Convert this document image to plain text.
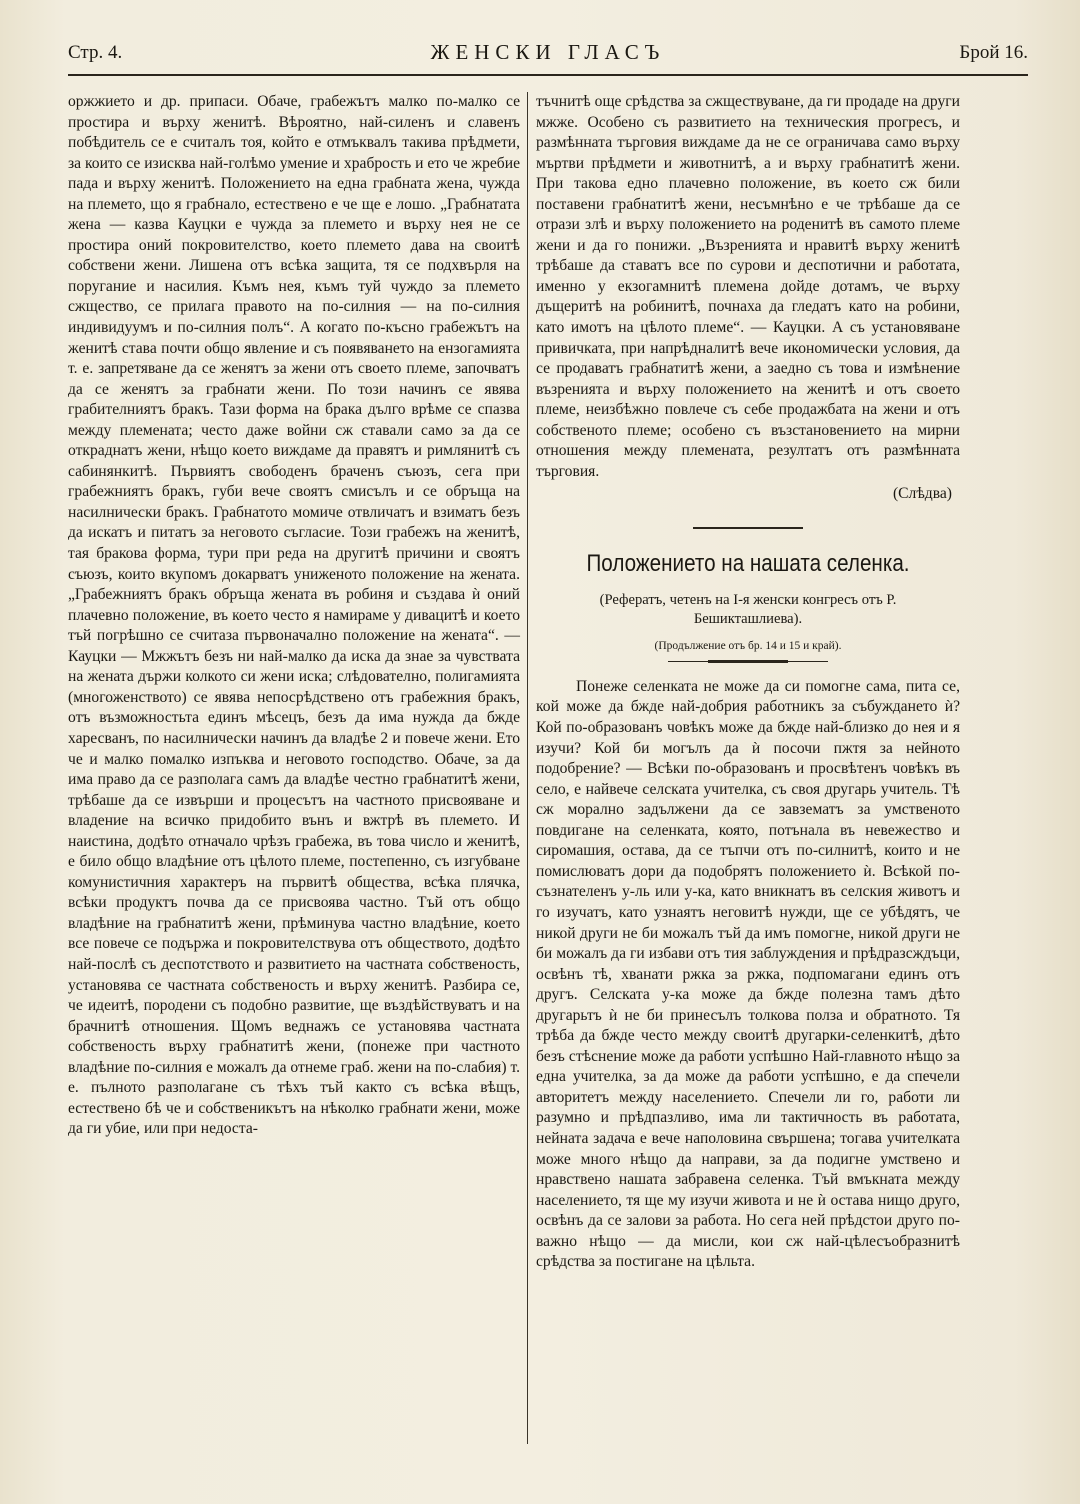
Стр. 4.	ЖЕНСКИ ГЛАСЪ	Брой 16.

оржжието и др. припаси. Обаче, грабежътъ малко по-малко се простира и върху женитѣ. Вѣроятно, най-силенъ и славенъ побѣдитель се е считалъ тоя, който е отмъквалъ такива прѣдмети, за които се изисква най-голѣмо умение и храбрость и ето че жребие пада и върху женитѣ. Положението на една грабната жена, чужда на племето, що я грабнало, естествено е че ще е лошо. „Грабнатата жена — казва Кауцки е чужда за племето и върху нея не се простира оний покровителство, което племето дава на своитѣ собствени жени. Лишена отъ всѣка защита, тя се подхвърля на поругание и насилия. Къмъ нея, къмъ туй чуждо за племето сжщество, се прилага правото на по-силния — на по-силния индивидуумъ и по-силния полъ“. А когато по-късно грабежътъ на женитѣ става почти общо явление и съ появяването на ензогамията т. е. запретяване да се женятъ за жени отъ своето племе, започватъ да се женятъ за грабнати жени. По този начинъ се явява грабителниятъ бракъ. Тази форма на брака дълго врѣме се спазва между племената; често даже войни сж ставали само за да се откраднатъ жени, нѣщо което виждаме да правятъ и римлянитѣ съ сабинянкитѣ. Първиятъ свободенъ браченъ съюзъ, сега при грабежниятъ бракъ, губи вече своятъ смисълъ и се обръща на насилнически бракъ. Грабнатото момиче отвличатъ и взиматъ безъ да искатъ и питатъ за неговото съгласие. Този грабежъ на женитѣ, тая бракова форма, тури при реда на другитѣ причини и своятъ съюзъ, които вкупомъ докарватъ униженото положение на жената. „Грабежниятъ бракъ обръща жената въ робиня и създава ѝ оний плачевно положение, въ което често я намираме у дивацитѣ и което тъй погрѣшно се считаза първоначално положение на жената“. — Кауцки — Мжжътъ безъ ни най-малко да иска да знае за чувствата на жената държи колкото си жени иска; слѣдователно, полигамията (многоженството) се явява непосрѣдствено отъ грабежния бракъ, отъ възможностьта единъ мѣсецъ, безъ да има нужда да бжде харесванъ, по насилнически начинъ да владѣе 2 и повече жени. Ето че и малко помалко изпъква и неговото господство. Обаче, за да има право да се разполага самъ да владѣе честно грабнатитѣ жени, трѣбаше да се извърши и процесътъ на частното присвояване и владение на всичко придобито вънъ и вжтрѣ въ племето. И наистина, додѣто отначало чрѣзъ грабежа, въ това число и женитѣ, е било общо владѣние отъ цѣлото племе, постепенно, съ изгубване комунистичния характеръ на първитѣ общества, всѣка плячка, всѣки продуктъ почва да се присвоява частно. Тъй отъ общо владѣние на грабнатитѣ жени, прѣминува частно владѣние, което все повече се подържа и покровителствува отъ обществото, додѣто най-послѣ съ деспотството и развитието на частната собственость, установява се частната собственость и върху женитѣ. Разбира се, че идеитѣ, породени съ подобно развитие, ще въздѣйствуватъ и на брачнитѣ отношения. Щомъ веднажъ се установява частната собственость върху грабнатитѣ жени, (понеже при частното владѣние по-силния е можалъ да отнеме граб. жени на по-слабия) т. е. пълното разполагане съ тѣхъ тъй както съ всѣка вѣщъ, естествено бѣ че и собственикътъ на нѣколко грабнати жени, може да ги убие, или при недоста-

тъчнитѣ още срѣдства за сжществуване, да ги продаде на други мжже. Особено съ развитието на техническия прогресъ, и размѣнната търговия виждаме да не се ограничава само върху мъртви прѣдмети и животнитѣ, а и върху грабнатитѣ жени. При такова едно плачевно положение, въ което сж били поставени грабнатитѣ жени, несъмнѣно е че трѣбаше да се отрази злѣ и върху положението на роденитѣ въ самото племе жени и да го понижи. „Възренията и нравитѣ върху женитѣ трѣбаше да ставатъ все по сурови и деспотични и работата, именно у екзогамнитѣ племена дойде дотамъ, че върху дъщеритѣ на робинитѣ, почнаха да гледатъ като на робини, като имотъ на цѣлото племе“. — Кауцки. А съ установяване привичката, при напрѣдналитѣ вече икономически условия, да се продаватъ грабнатитѣ жени, а заедно съ това и измѣнение възренията и върху положението на женитѣ и отъ своето племе, неизбѣжно повлече съ себе продажбата на жени и отъ собственото племе; особено съ възстановението на мирни отношения между племената, резултатъ отъ размѣнната търговия.

(Слѣдва)

Положението на нашата селенка.

(Рефератъ, четенъ на I-я женски конгресъ отъ Р. Бешикташлиева).

(Продължение отъ бр. 14 и 15 и край).

Понеже селенката не може да си помогне сама, пита се, кой може да бжде най-добрия работникъ за събуждането ѝ? Кой по-образованъ човѣкъ може да бжде най-близко до нея и я изучи? Кой би могълъ да ѝ посочи пжтя за нейното подобрение? — Всѣки по-образованъ и просвѣтенъ човѣкъ въ село, е найвече селската учителка, съ своя другарь учитель. Тѣ сж морално задължени да се завзематъ за умственото повдигане на селенката, която, потънала въ невежество и сиромашия, остава, да се тъпчи отъ по-силнитѣ, които и не помислюватъ дори да подобрятъ положението ѝ. Всѣкой по-съзнателенъ у-ль или у-ка, като вникнатъ въ селския животъ и го изучатъ, като узнаятъ неговитѣ нужди, ще се убѣдятъ, че никой други не би можалъ тъй да имъ помогне, никой други не би можалъ да ги избави отъ тия заблуждения и прѣдразсждъци, освѣнъ тѣ, хванати ржка за ржка, подпомагани единъ отъ другъ. Селската у-ка може да бжде полезна тамъ дѣто другарьтъ ѝ не би принесълъ толкова полза и обратното. Тя трѣба да бжде често между своитѣ другарки-селенкитѣ, дѣто безъ стѣснение може да работи успѣшно Най-главното нѣщо за една учителка, за да може да работи успѣшно, е да спечели авторитетъ между населението. Спечели ли го, работи ли разумно и прѣдпазливо, има ли тактичность въ работата, нейната задача е вече наполовина свършена; тогава учителката може много нѣщо да направи, за да подигне умствено и нравствено нашата забравена селенка. Тъй вмъкната между населението, тя ще му изучи живота и не ѝ остава нищо друго, освѣнъ да се залови за работа. Но сега ней прѣдстои друго по-важно нѣщо — да мисли, кои сж най-цѣлесъобразнитѣ срѣдства за постигане на цѣльта.
